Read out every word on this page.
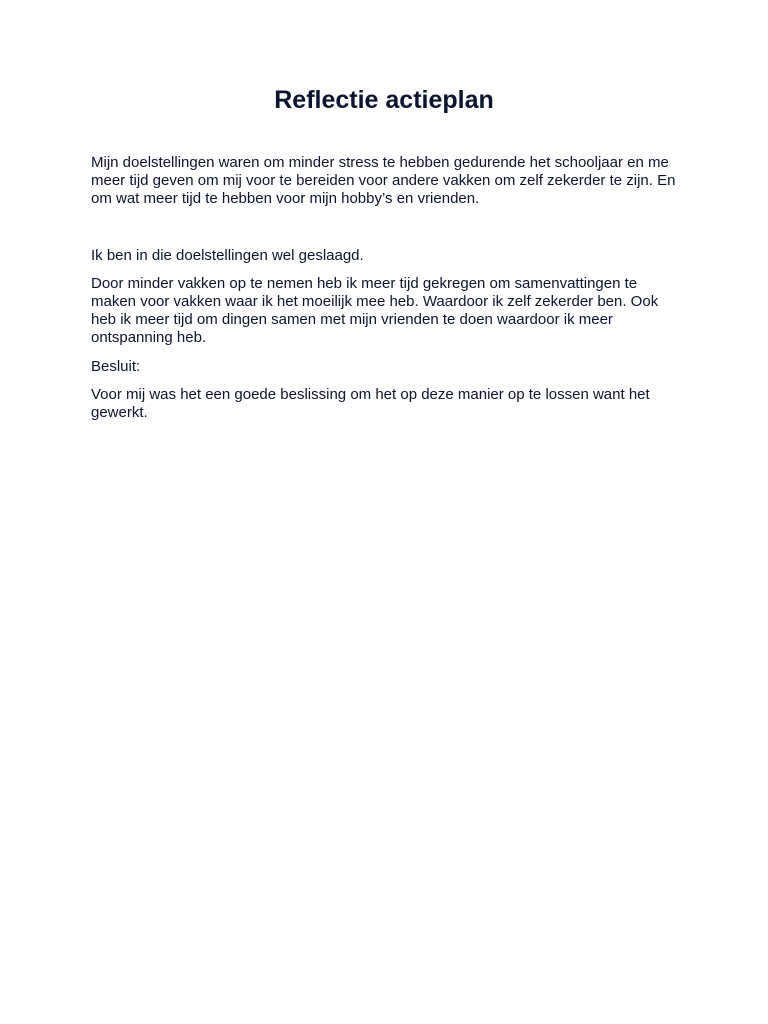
Reflectie actieplan

Mijn doelstellingen waren om minder stress te hebben gedurende het schooljaar en me meer tijd geven om mij voor te bereiden voor andere vakken om zelf zekerder te zijn. En om wat meer tijd te hebben voor mijn hobby’s en vrienden.

Ik ben in die doelstellingen wel geslaagd.

Door minder vakken op te nemen heb ik meer tijd gekregen om samenvattingen te maken voor vakken waar ik het moeilijk mee heb. Waardoor ik zelf zekerder ben. Ook heb ik meer tijd om dingen samen met mijn vrienden te doen waardoor ik meer ontspanning heb.

Besluit:

Voor mij was het een goede beslissing om het op deze manier op te lossen want het gewerkt.
